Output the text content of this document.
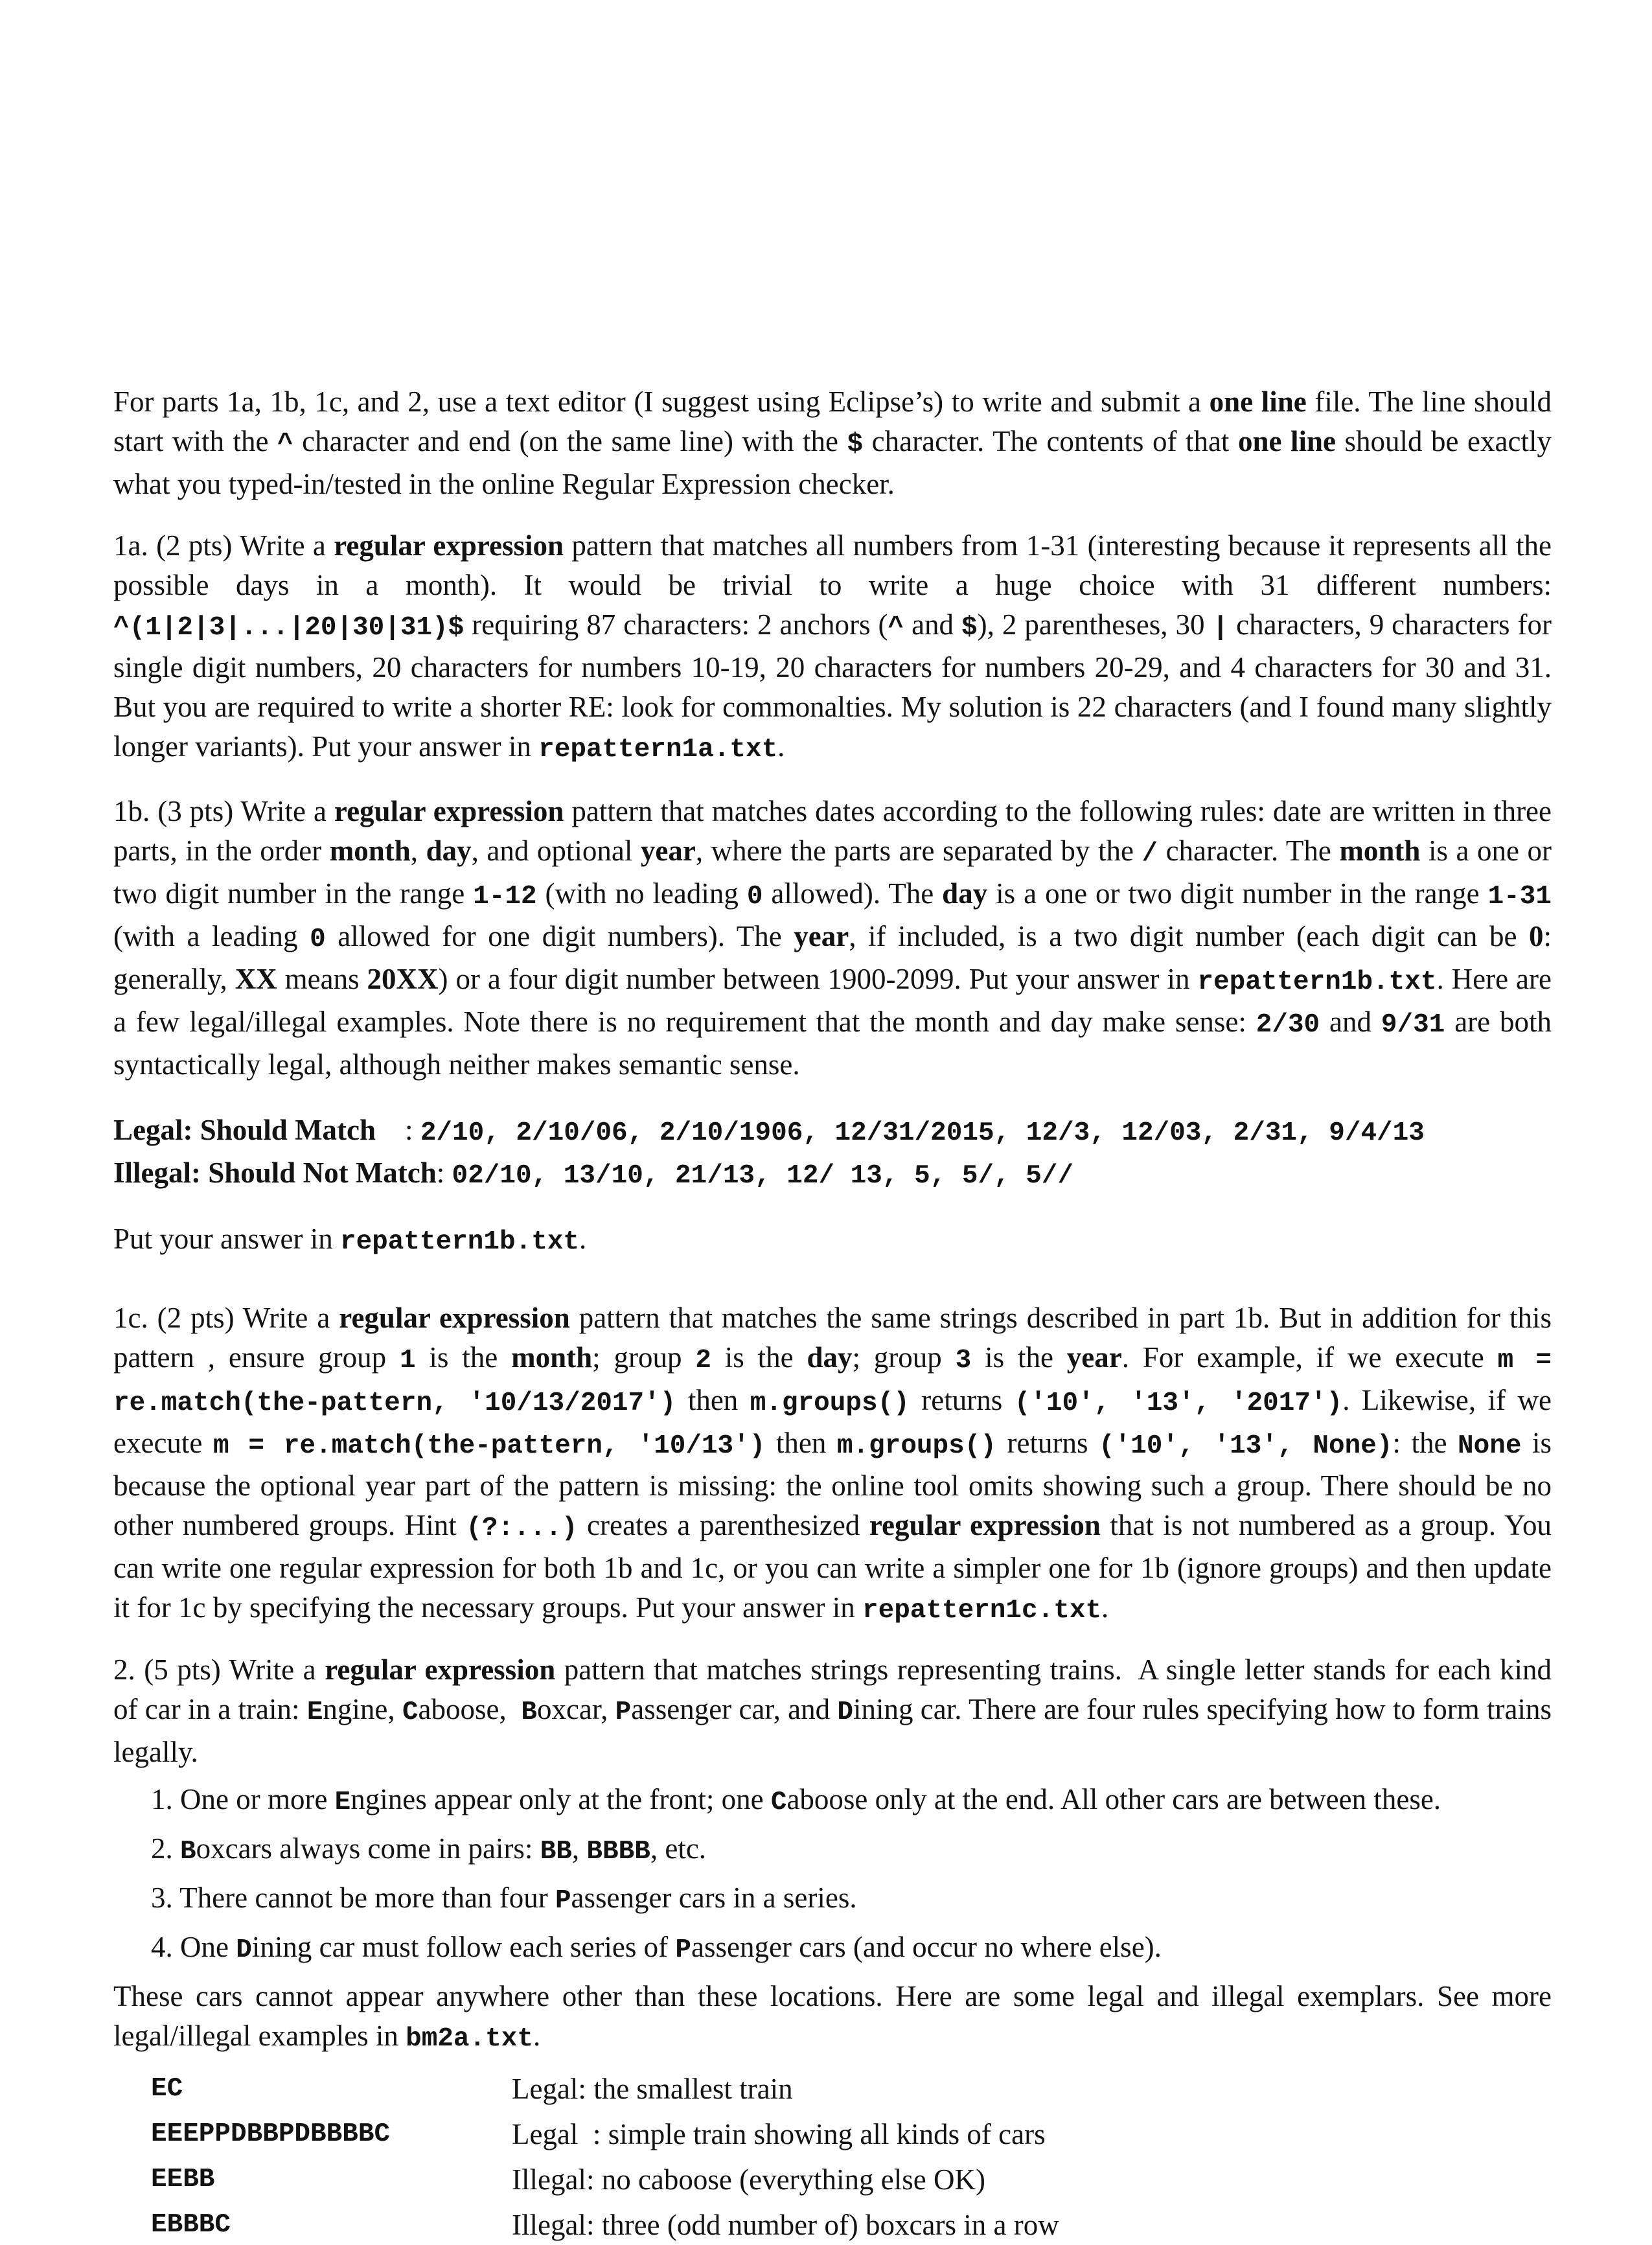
For parts 1a, 1b, 1c, and 2, use a text editor (I suggest using Eclipse’s) to write and submit a one line file. The line should start with the ^ character and end (on the same line) with the $ character. The contents of that one line should be exactly what you typed-in/tested in the online Regular Expression checker.

1a. (2 pts) Write a regular expression pattern that matches all numbers from 1-31 (interesting because it represents all the possible days in a month). It would be trivial to write a huge choice with 31 different numbers: ^(1|2|3|...|20|30|31)$ requiring 87 characters: 2 anchors (^ and $), 2 parentheses, 30 | characters, 9 characters for single digit numbers, 20 characters for numbers 10-19, 20 characters for numbers 20-29, and 4 characters for 30 and 31.  But you are required to write a shorter RE: look for commonalties. My solution is 22 characters (and I found many slightly longer variants). Put your answer in repattern1a.txt.

1b. (3 pts) Write a regular expression pattern that matches dates according to the following rules: date are written in three parts, in the order month, day, and optional year, where the parts are separated by the / character. The month is a one or two digit number in the range 1-12 (with no leading 0 allowed). The day is a one or two digit number in the range 1-31 (with a leading 0 allowed for one digit numbers). The year, if included, is a two digit number (each digit can be 0: generally, XX means 20XX) or a four digit number between 1900-2099. Put your answer in repattern1b.txt. Here are a few legal/illegal examples. Note there is no requirement that the month and day make sense: 2/30 and 9/31 are both syntactically legal, although neither makes semantic sense.

Legal: Should Match    : 2/10, 2/10/06, 2/10/1906, 12/31/2015, 12/3, 12/03, 2/31, 9/4/13

Illegal: Should Not Match: 02/10, 13/10, 21/13, 12/ 13, 5, 5/, 5//

Put your answer in repattern1b.txt.

1c. (2 pts) Write a regular expression pattern that matches the same strings described in part 1b. But in addition for this pattern , ensure group 1 is the month; group 2 is the day; group 3 is the year. For example, if we execute m = re.match(the-pattern, '10/13/2017') then m.groups() returns ('10', '13', '2017'). Likewise, if we execute m = re.match(the-pattern, '10/13') then m.groups() returns ('10', '13', None): the None is because the optional year part of the pattern is missing: the online tool omits showing such a group. There should be no other numbered groups. Hint (?:...) creates a parenthesized regular expression that is not numbered as a group. You can write one regular expression for both 1b and 1c, or you can write a simpler one for 1b (ignore groups) and then update it for 1c by specifying the necessary groups. Put your answer in repattern1c.txt.

2. (5 pts) Write a regular expression pattern that matches strings representing trains.  A single letter stands for each kind of car in a train: Engine, Caboose,  Boxcar, Passenger car, and Dining car. There are four rules specifying how to form trains legally.

1. One or more Engines appear only at the front; one Caboose only at the end. All other cars are between these.

2. Boxcars always come in pairs: BB, BBBB, etc.

3. There cannot be more than four Passenger cars in a series.

4. One Dining car must follow each series of Passenger cars (and occur no where else).

These cars cannot appear anywhere other than these locations. Here are some legal and illegal exemplars. See more legal/illegal examples in bm2a.txt.

EC	Legal: the smallest train
EEEPPDBBPDBBBBC	Legal  : simple train showing all kinds of cars
EEBB	Illegal: no caboose (everything else OK)
EBBBC	Illegal: three (odd number of) boxcars in a row
